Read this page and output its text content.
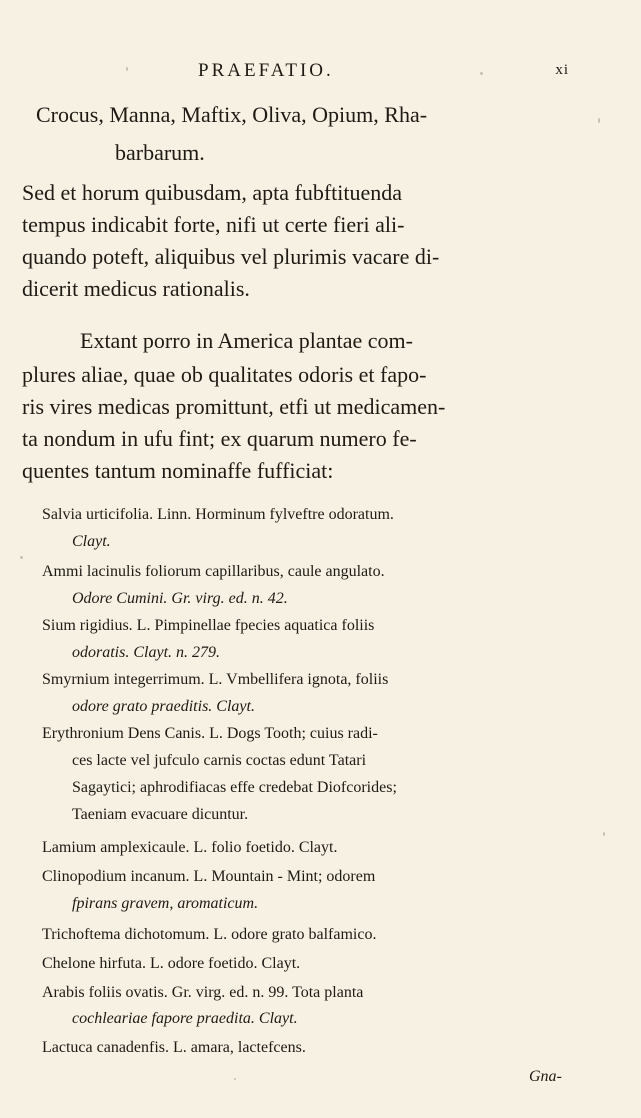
PRAEFATIO.	xi
Crocus, Manna, Maftix, Oliva, Opium, Rha-
barbarum.
Sed et horum quibusdam, apta fubftituenda
tempus indicabit forte, nifi ut certe fieri ali-
quando poteft, aliquibus vel plurimis vacare di-
dicerit medicus rationalis.
Extant porro in America plantae com-
plures aliae, quae ob qualitates odoris et fapo-
ris vires medicas promittunt, etfi ut medicamen-
ta nondum in ufu fint; ex quarum numero fe-
quentes tantum nominaffe fufficiat:
Salvia urticifolia. Linn. Horminum fylveftre odoratum.
Clayt.
Ammi lacinulis foliorum capillaribus, caule angulato.
Odore Cumini. Gr. virg. ed. n. 42.
Sium rigidius. L. Pimpinellae fpecies aquatica foliis
odoratis. Clayt. n. 279.
Smyrnium integerrimum. L. Vmbellifera ignota, foliis
odore grato praeditis. Clayt.
Erythronium Dens Canis. L. Dogs Tooth; cuius radi-
ces lacte vel jufculo carnis coctas edunt Tatari
Sagaytici; aphrodifiacas effe credebat Diofcorides;
Taeniam evacuare dicuntur.
Lamium amplexicaule. L. folio foetido. Clayt.
Clinopodium incanum. L. Mountain - Mint; odorem
fpirans gravem, aromaticum.
Trichoftema dichotomum. L. odore grato balfamico.
Chelone hirfuta. L. odore foetido. Clayt.
Arabis foliis ovatis. Gr. virg. ed. n. 99. Tota planta
cochleariae fapore praedita. Clayt.
Lactuca canadenfis. L. amara, lactefcens.
Gna-
